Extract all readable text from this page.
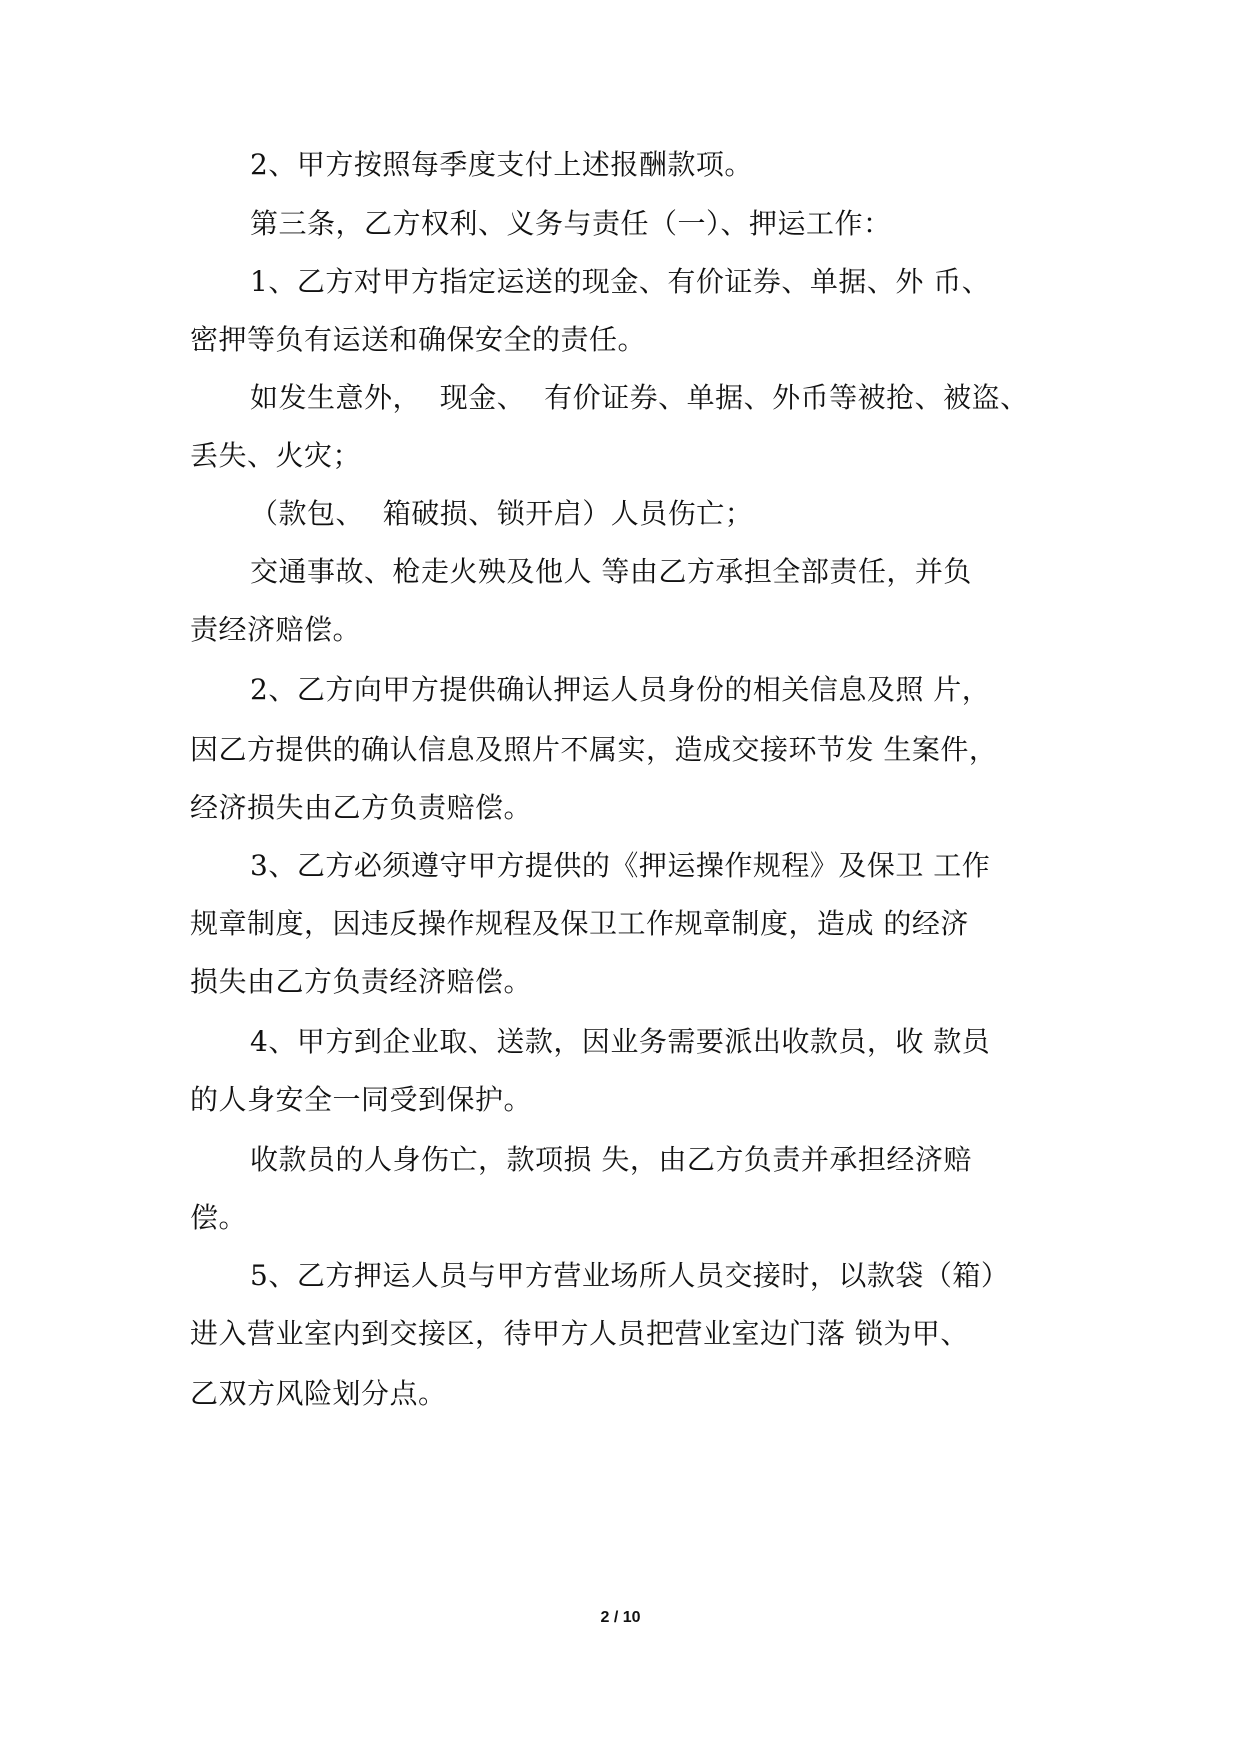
2、甲方按照每季度支付上述报酬款项。

第三条，乙方权利、义务与责任（一）、押运工作：

1、乙方对甲方指定运送的现金、有价证券、单据、外 币、

密押等负有运送和确保安全的责任。

如发生意外，  现金、  有价证券、单据、外币等被抢、被盗、

丢失、火灾；

（款包、  箱破损、锁开启）人员伤亡；

交通事故、枪走火殃及他人 等由乙方承担全部责任，并负

责经济赔偿。

2、乙方向甲方提供确认押运人员身份的相关信息及照 片，

因乙方提供的确认信息及照片不属实，造成交接环节发 生案件，

经济损失由乙方负责赔偿。

3、乙方必须遵守甲方提供的《押运操作规程》及保卫 工作

规章制度，因违反操作规程及保卫工作规章制度，造成 的经济

损失由乙方负责经济赔偿。

4、甲方到企业取、送款，因业务需要派出收款员，收 款员

的人身安全一同受到保护。

收款员的人身伤亡，款项损 失，由乙方负责并承担经济赔

偿。

5、乙方押运人员与甲方营业场所人员交接时，以款袋（箱）

进入营业室内到交接区，待甲方人员把营业室边门落 锁为甲、

乙双方风险划分点。

2 / 10
